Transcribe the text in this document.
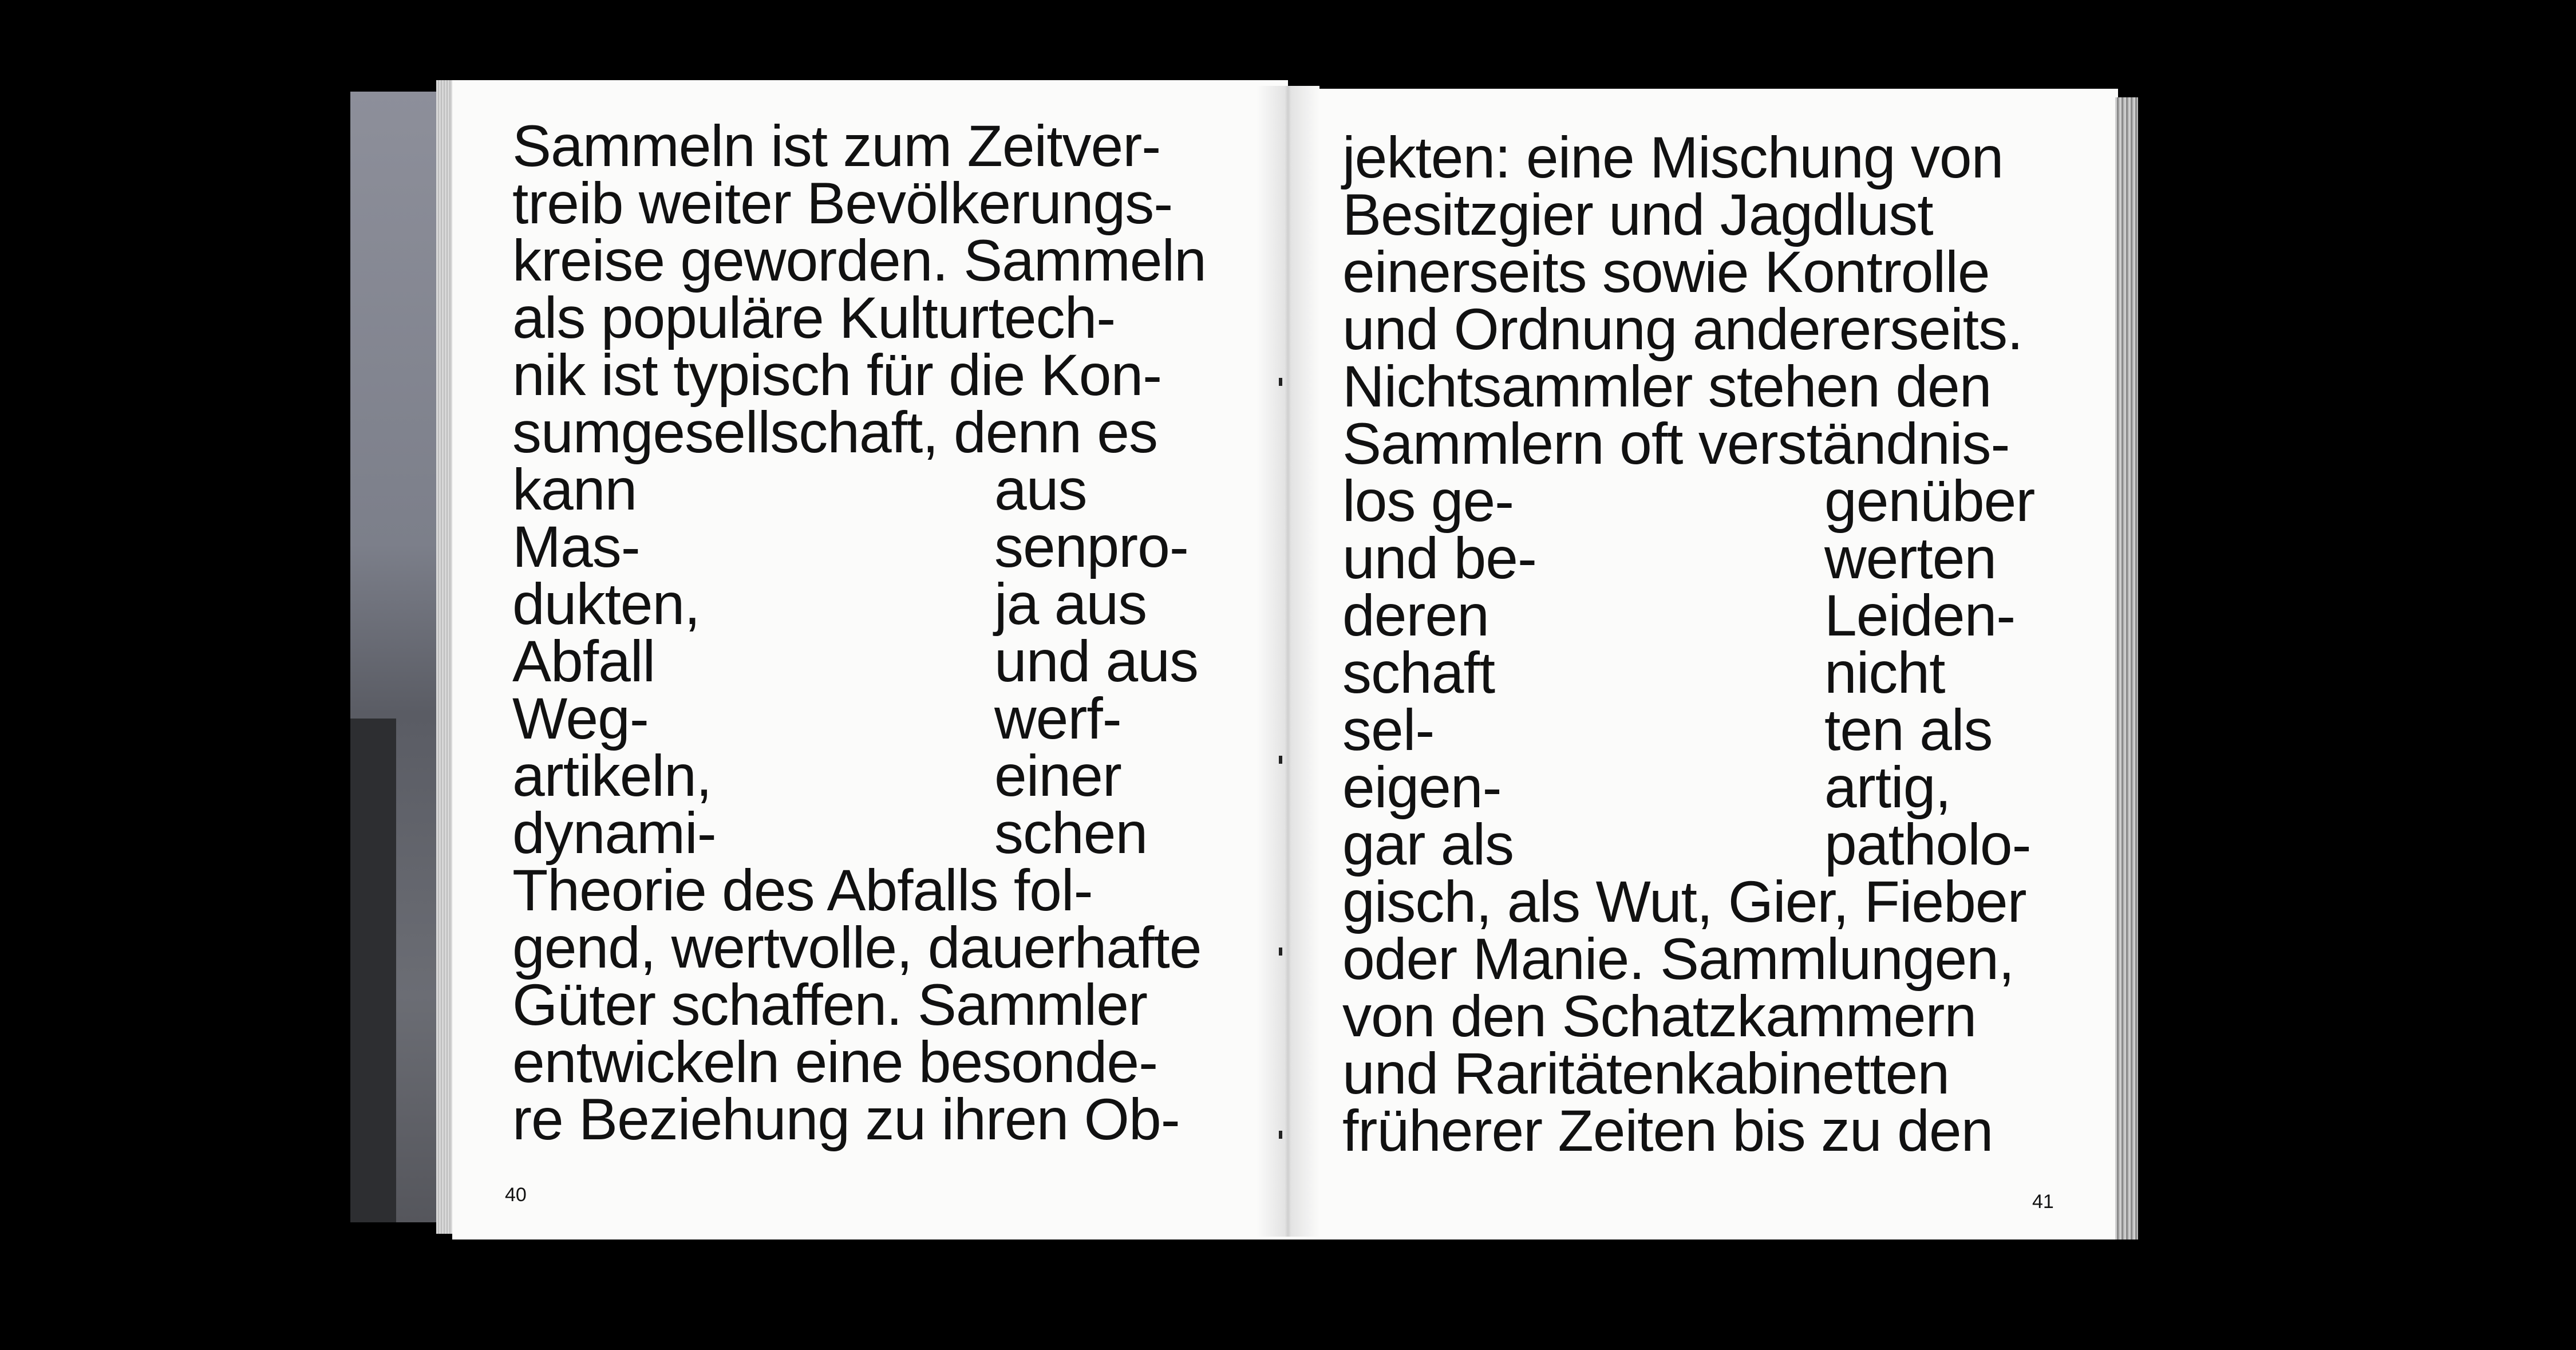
Sammeln ist zum Zeitver-
treib weiter Bevölkerungs-
kreise geworden. Sammeln
als populäre Kulturtech-
nik ist typisch für die Kon-
sumgesellschaft, denn es
kann	aus
Mas-	senpro-
dukten,	ja aus
Abfall	und aus
Weg-	werf-
artikeln,	einer
dynami-	schen
Theorie des Abfalls fol-
gend, wertvolle, dauerhafte
Güter schaffen. Sammler
entwickeln eine besonde-
re Beziehung zu ihren Ob-
jekten: eine Mischung von
Besitzgier und Jagdlust
einerseits sowie Kontrolle
und Ordnung andererseits.
Nichtsammler stehen den
Sammlern oft verständnis-
los ge-	genüber
und be-	werten
deren	Leiden-
schaft	nicht
sel-	ten als
eigen-	artig,
gar als	patholo-
gisch, als Wut, Gier, Fieber
oder Manie. Sammlungen,
von den Schatzkammern
und Raritätenkabinetten
früherer Zeiten bis zu den
40	41
